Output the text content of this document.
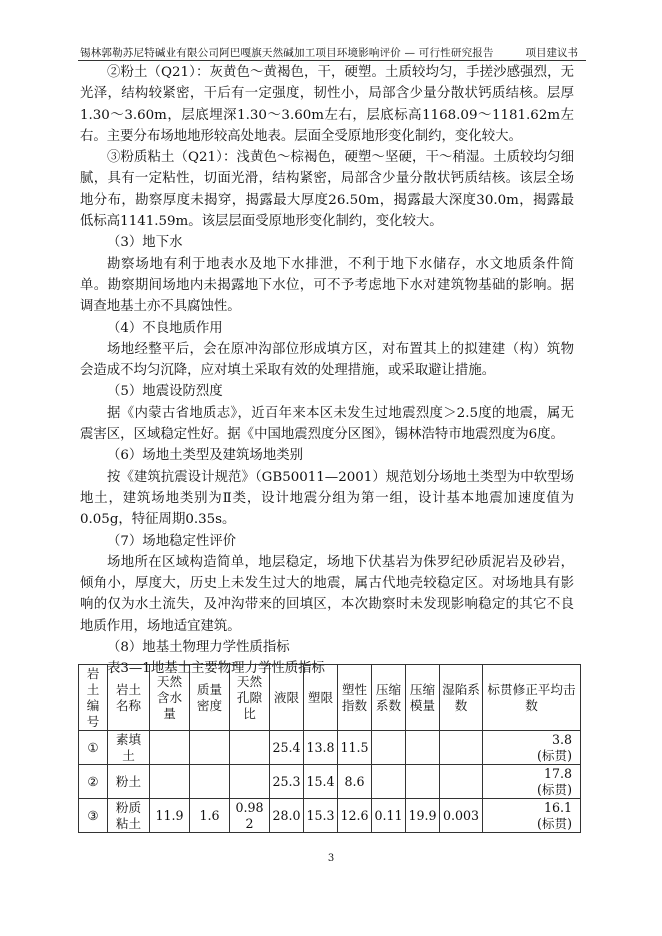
锡林郭勒苏尼特碱业有限公司阿巴嘎旗天然碱加工项目环境影响评价 — 可行性研究报告	项目建议书

②粉土（Q21）：灰黄色～黄褐色，干，硬塑。土质较均匀，手搓沙感强烈，无光泽，结构较紧密，干后有一定强度，韧性小，局部含少量分散状钙质结核。层厚1.30～3.60m，层底埋深1.30～3.60m左右，层底标高1168.09～1181.62m左右。主要分布场地地形较高处地表。层面全受原地形变化制约，变化较大。

③粉质粘土（Q21）：浅黄色～棕褐色，硬塑～坚硬，干～稍湿。土质较均匀细腻，具有一定粘性，切面光滑，结构紧密，局部含少量分散状钙质结核。该层全场地分布，勘察厚度未揭穿，揭露最大厚度26.50m，揭露最大深度30.0m，揭露最低标高1141.59m。该层层面受原地形变化制约，变化较大。

（3）地下水

勘察场地有利于地表水及地下水排泄，不利于地下水储存，水文地质条件简单。勘察期间场地内未揭露地下水位，可不予考虑地下水对建筑物基础的影响。据调查地基土亦不具腐蚀性。

（4）不良地质作用

场地经整平后，会在原冲沟部位形成填方区，对布置其上的拟建建（构）筑物会造成不均匀沉降，应对填土采取有效的处理措施，或采取避让措施。

（5）地震设防烈度

据《内蒙古省地质志》，近百年来本区未发生过地震烈度＞2.5度的地震，属无震害区，区域稳定性好。据《中国地震烈度分区图》，锡林浩特市地震烈度为6度。

（6）场地土类型及建筑场地类别

按《建筑抗震设计规范》（GB50011—2001）规范划分场地土类型为中软型场地土，建筑场地类别为Ⅱ类，设计地震分组为第一组，设计基本地震加速度值为0.05g，特征周期0.35s。

（7）场地稳定性评价

场地所在区域构造简单，地层稳定，场地下伏基岩为侏罗纪砂质泥岩及砂岩，倾角小，厚度大，历史上未发生过大的地震，属古代地壳较稳定区。对场地具有影响的仅为水土流失，及冲沟带来的回填区，本次勘察时未发现影响稳定的其它不良地质作用，场地适宜建筑。

（8）地基土物理力学性质指标

表3—1地基土主要物理力学性质指标

岩土编号	岩土名称	天然含水量	质量密度	天然孔隙比	液限	塑限	塑性指数	压缩系数	压缩模量	湿陷系数	标贯修正平均击数
①	素填土				25.4	13.8	11.5				3.8
(标贯)
②	粉土				25.3	15.4	8.6				17.8
(标贯)
③	粉质粘土	11.9	1.6	0.982	28.0	15.3	12.6	0.11	19.9	0.003	16.1
(标贯)
3
